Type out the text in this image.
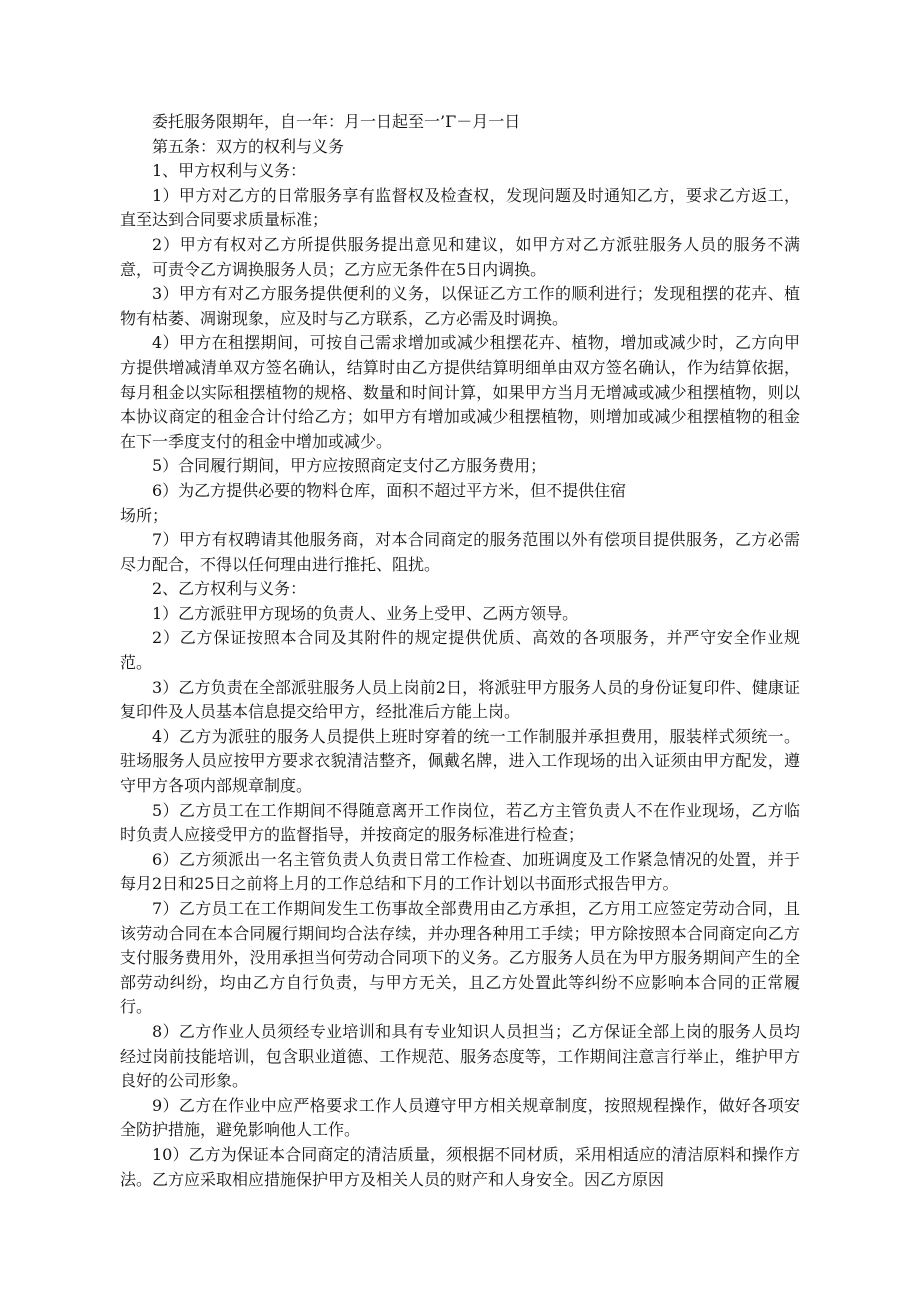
委托服务限期年，自一年：月一日起至一’Γ－月一日

第五条：双方的权利与义务

1、甲方权利与义务：

1）甲方对乙方的日常服务享有监督权及检查权，发现问题及时通知乙方，要求乙方返工，直至达到合同要求质量标准；

2）甲方有权对乙方所提供服务提出意见和建议，如甲方对乙方派驻服务人员的服务不满意，可责令乙方调换服务人员；乙方应无条件在5日内调换。

3）甲方有对乙方服务提供便利的义务，以保证乙方工作的顺利进行；发现租摆的花卉、植物有枯萎、凋谢现象，应及时与乙方联系，乙方必需及时调换。

4）甲方在租摆期间，可按自己需求增加或减少租摆花卉、植物，增加或减少时，乙方向甲方提供增减清单双方签名确认，结算时由乙方提供结算明细单由双方签名确认，作为结算依据，每月租金以实际租摆植物的规格、数量和时间计算，如果甲方当月无增减或减少租摆植物，则以本协议商定的租金合计付给乙方；如甲方有增加或减少租摆植物，则增加或减少租摆植物的租金在下一季度支付的租金中增加或减少。

5）合同履行期间，甲方应按照商定支付乙方服务费用；

6）为乙方提供必要的物料仓库，面积不超过平方米，但不提供住宿

场所；

7）甲方有权聘请其他服务商，对本合同商定的服务范围以外有偿项目提供服务，乙方必需尽力配合，不得以任何理由进行推托、阻扰。

2、乙方权利与义务：

1）乙方派驻甲方现场的负责人、业务上受甲、乙两方领导。

2）乙方保证按照本合同及其附件的规定提供优质、高效的各项服务，并严守安全作业规范。

3）乙方负责在全部派驻服务人员上岗前2日，将派驻甲方服务人员的身份证复印件、健康证复印件及人员基本信息提交给甲方，经批准后方能上岗。

4）乙方为派驻的服务人员提供上班时穿着的统一工作制服并承担费用，服装样式须统一。驻场服务人员应按甲方要求衣貌清洁整齐，佩戴名牌，进入工作现场的出入证须由甲方配发，遵守甲方各项内部规章制度。

5）乙方员工在工作期间不得随意离开工作岗位，若乙方主管负责人不在作业现场，乙方临时负责人应接受甲方的监督指导，并按商定的服务标准进行检查；

6）乙方须派出一名主管负责人负责日常工作检查、加班调度及工作紧急情况的处置，并于每月2日和25日之前将上月的工作总结和下月的工作计划以书面形式报告甲方。

7）乙方员工在工作期间发生工伤事故全部费用由乙方承担，乙方用工应签定劳动合同，且该劳动合同在本合同履行期间均合法存续，并办理各种用工手续；甲方除按照本合同商定向乙方支付服务费用外，没用承担当何劳动合同项下的义务。乙方服务人员在为甲方服务期间产生的全部劳动纠纷，均由乙方自行负责，与甲方无关，且乙方处置此等纠纷不应影响本合同的正常履行。

8）乙方作业人员须经专业培训和具有专业知识人员担当；乙方保证全部上岗的服务人员均经过岗前技能培训，包含职业道德、工作规范、服务态度等，工作期间注意言行举止，维护甲方良好的公司形象。

9）乙方在作业中应严格要求工作人员遵守甲方相关规章制度，按照规程操作，做好各项安全防护措施，避免影响他人工作。

10）乙方为保证本合同商定的清洁质量，须根据不同材质，采用相适应的清洁原料和操作方法。乙方应采取相应措施保护甲方及相关人员的财产和人身安全。因乙方原因
